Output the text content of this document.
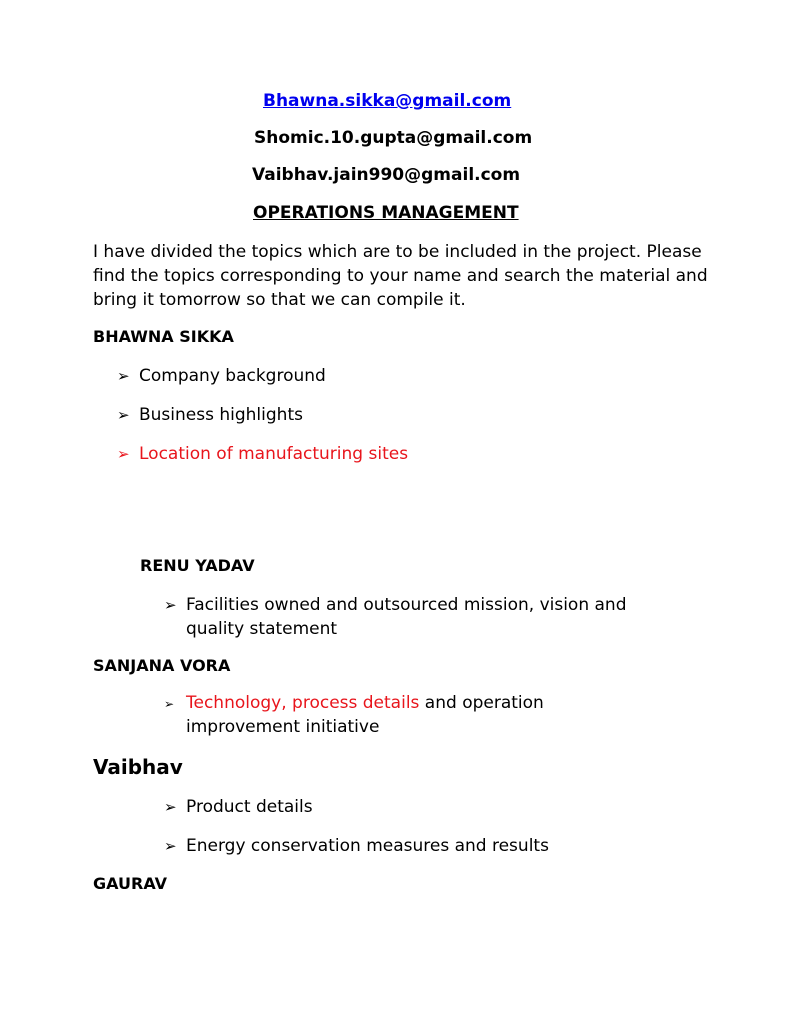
Bhawna.sikka@gmail.com
Shomic.10.gupta@gmail.com
Vaibhav.jain990@gmail.com
OPERATIONS MANAGEMENT
I have divided the topics which are to be included in the project. Please find the topics corresponding to your name and search the material and bring it tomorrow so that we can compile it.
BHAWNA SIKKA
➢ Company background
➢ Business highlights
➢ Location of manufacturing sites
RENU YADAV
➢ Facilities owned and outsourced mission, vision and quality statement
SANJANA VORA
➢ Technology, process details and operation improvement initiative
Vaibhav
➢ Product details
➢ Energy conservation measures and results
GAURAV
